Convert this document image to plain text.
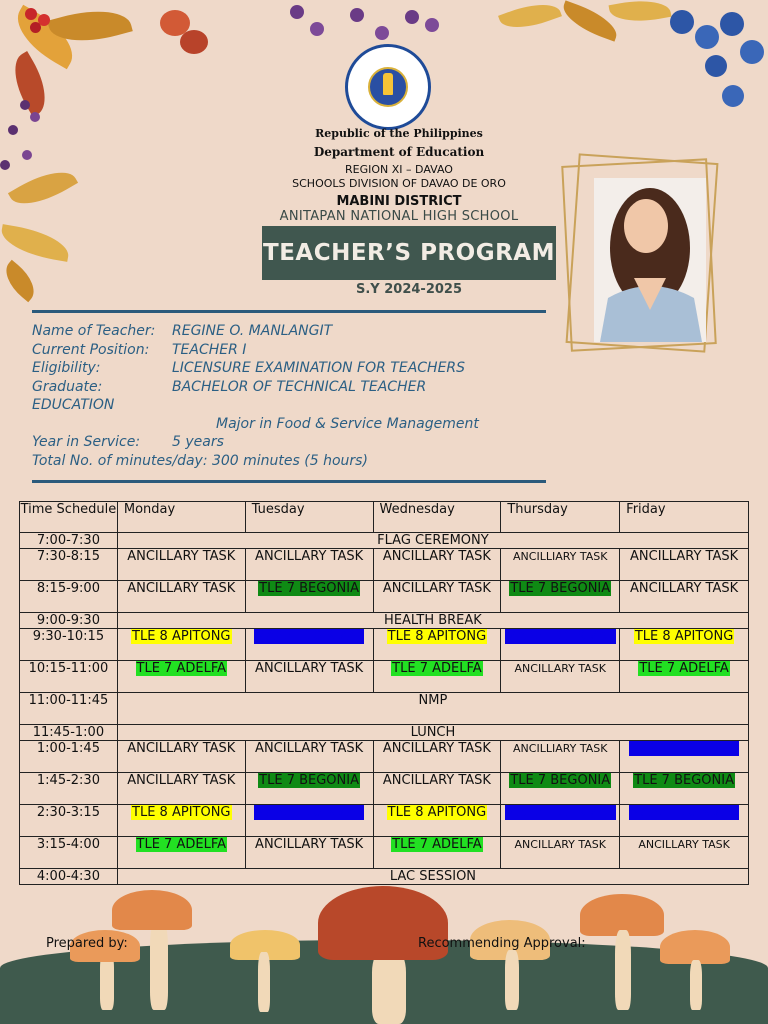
Republic of the Philippines
Department of Education
REGION XI – DAVAO
SCHOOLS DIVISION OF DAVAO DE ORO
MABINI DISTRICT
ANITAPAN NATIONAL HIGH SCHOOL
TEACHER’S PROGRAM
S.Y 2024-2025
Name of Teacher: REGINE O. MANLANGIT
Current Position: TEACHER I
Eligibility:	LICENSURE EXAMINATION FOR TEACHERS
Graduate:	BACHELOR OF TECHNICAL TEACHER
EDUCATION
Major in Food & Service Management
Year in Service: 5 years
Total No. of minutes/day: 300 minutes (5 hours)
Time Schedule	Monday	Tuesday	Wednesday	Thursday	Friday
7:00-7:30	FLAG CEREMONY				
7:30-8:15	ANCILLARY TASK	ANCILLARY TASK	ANCILLARY TASK	ANCILLIARY TASK	ANCILLARY TASK
8:15-9:00	ANCILLARY TASK	TLE 7 BEGONIA	ANCILLARY TASK	TLE 7 BEGONIA	ANCILLARY TASK
9:00-9:30	HEALTH BREAK				
9:30-10:15	TLE 8 APITONG	MAPEH 10 RIZAL	TLE 8 APITONG	MAPEH 10 RIZAL	TLE 8 APITONG
10:15-11:00	TLE 7 ADELFA	ANCILLARY TASK	TLE 7 ADELFA	ANCILLARY TASK	TLE 7 ADELFA
11:00-11:45	NMP				
11:45-1:00	LUNCH				
1:00-1:45	ANCILLARY TASK	ANCILLARY TASK	ANCILLARY TASK	ANCILLIARY TASK	MAPEH 10 RIZAL
1:45-2:30	ANCILLARY TASK	TLE 7 BEGONIA	ANCILLARY TASK	TLE 7 BEGONIA	TLE 7 BEGONIA
2:30-3:15	TLE 8 APITONG	MAPEH 10 RIZAL	TLE 8 APITONG	MAPEH 10 RIZAL	MAPEH 10 RIZAL
3:15-4:00	TLE 7 ADELFA	ANCILLARY TASK	TLE 7 ADELFA	ANCILLARY TASK	ANCILLARY TASK
4:00-4:30	LAC SESSION				
Prepared by:	Recommending Approval:
